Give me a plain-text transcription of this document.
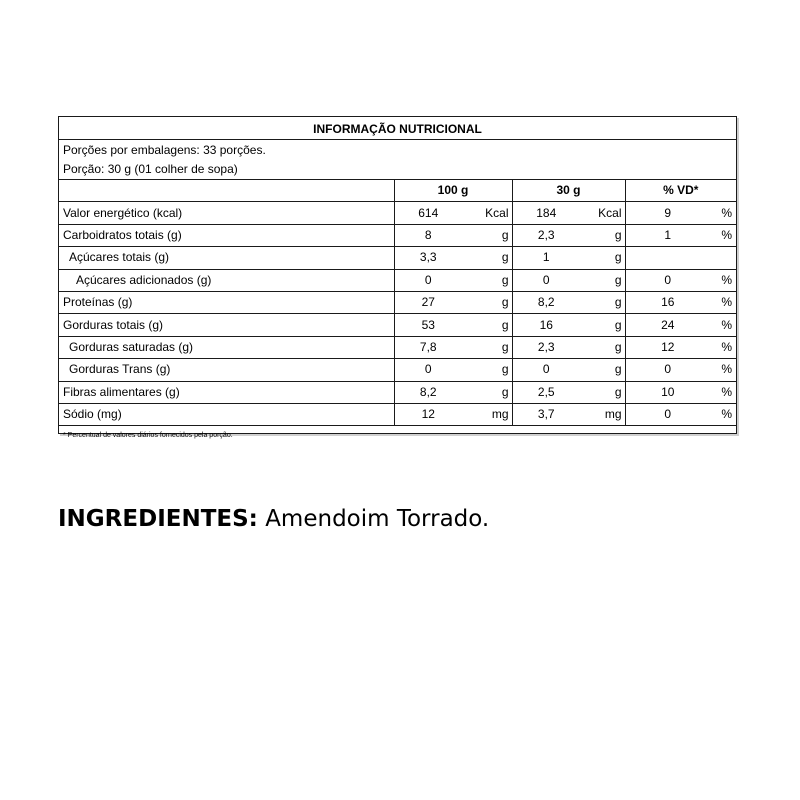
INFORMAÇÃO NUTRICIONAL
Porções por embalagens: 33 porções.
Porção: 30 g (01 colher de sopa)
	100 g		30 g		% VD*	
Valor energético (kcal)	614	Kcal	184	Kcal	9	%
Carboidratos totais (g)	8	g	2,3	g	1	%
Açúcares totais (g)	3,3	g	1	g		
Açúcares adicionados (g)	0	g	0	g	0	%
Proteínas (g)	27	g	8,2	g	16	%
Gorduras totais (g)	53	g	16	g	24	%
Gorduras saturadas (g)	7,8	g	2,3	g	12	%
Gorduras Trans (g)	0	g	0	g	0	%
Fibras alimentares (g)	8,2	g	2,5	g	10	%
Sódio (mg)	12	mg	3,7	mg	0	%
* Percentual de valores diários fornecidos pela porção.
INGREDIENTES: Amendoim Torrado.
